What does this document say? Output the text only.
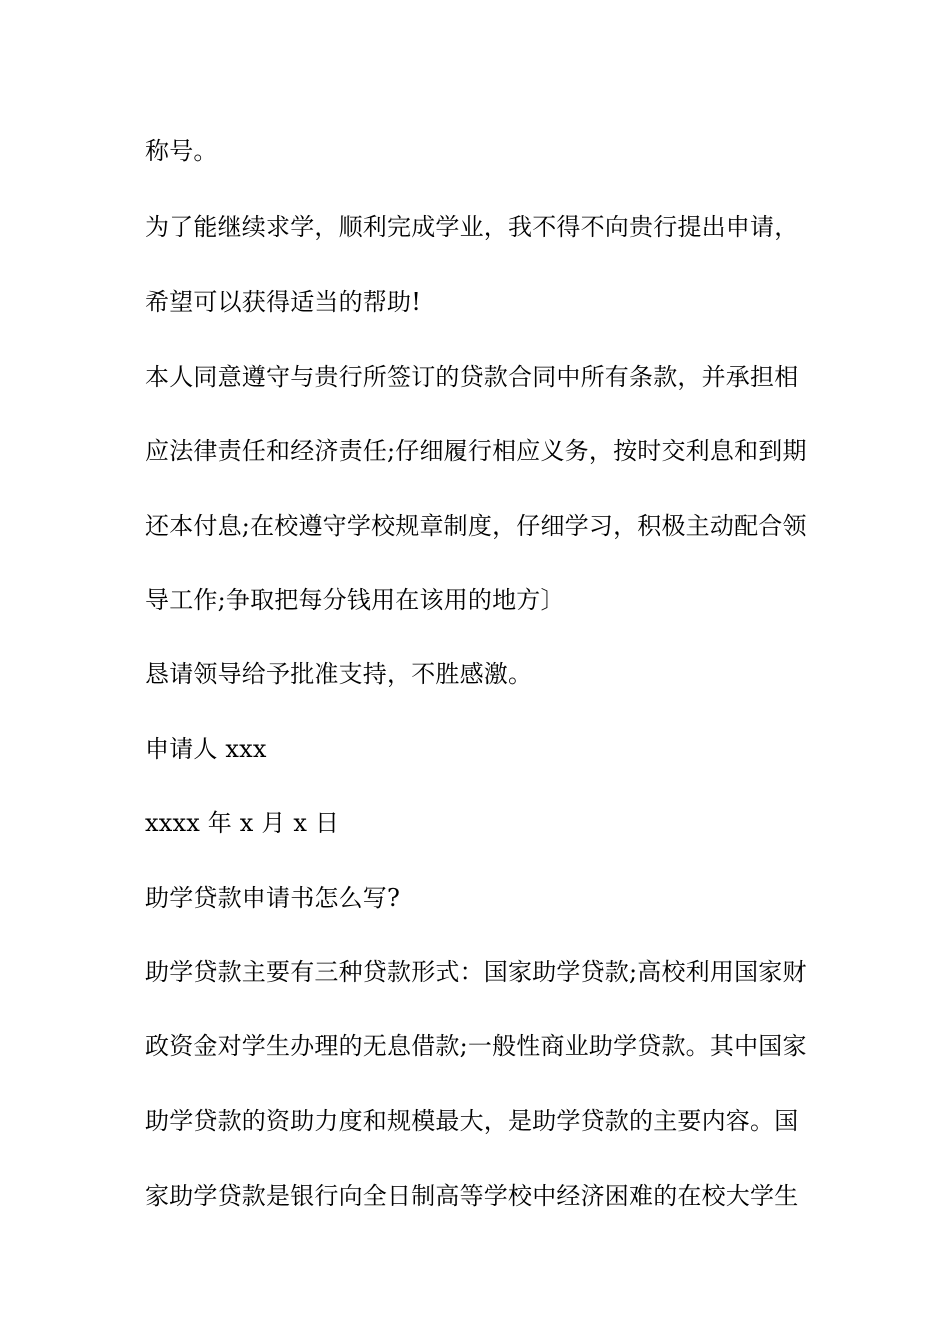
称号。
为了能继续求学，顺利完成学业，我不得不向贵行提出申请，
希望可以获得适当的帮助!
本人同意遵守与贵行所签订的贷款合同中所有条款，并承担相
应法律责任和经济责任;仔细履行相应义务，按时交利息和到期
还本付息;在校遵守学校规章制度，仔细学习，积极主动配合领
导工作;争取把每分钱用在该用的地方〕
恳请领导给予批准支持，不胜感激。
申请人 xxx
xxxx 年 x 月 x 日
助学贷款申请书怎么写?
助学贷款主要有三种贷款形式：国家助学贷款;高校利用国家财
政资金对学生办理的无息借款;一般性商业助学贷款。其中国家
助学贷款的资助力度和规模最大，是助学贷款的主要内容。国
家助学贷款是银行向全日制高等学校中经济困难的在校大学生
